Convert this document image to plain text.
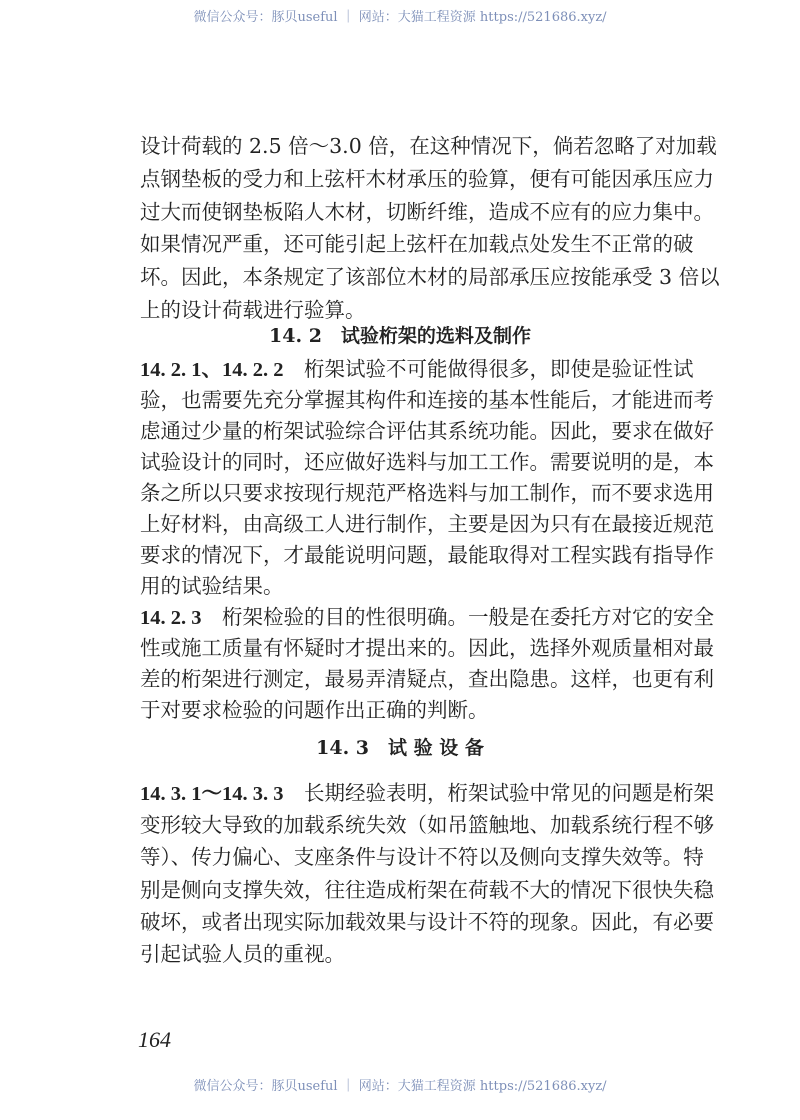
微信公众号：豚贝useful ｜ 网站：大猫工程资源 https://521686.xyz/
设计荷载的 2.5 倍～3.0 倍，在这种情况下，倘若忽略了对加载
点钢垫板的受力和上弦杆木材承压的验算，便有可能因承压应力
过大而使钢垫板陷人木材，切断纤维，造成不应有的应力集中。
如果情况严重，还可能引起上弦杆在加载点处发生不正常的破
坏。因此，本条规定了该部位木材的局部承压应按能承受 3 倍以
上的设计荷载进行验算。
14. 2　试验桁架的选料及制作
14. 2. 1、14. 2. 2　桁架试验不可能做得很多，即使是验证性试
验，也需要先充分掌握其构件和连接的基本性能后，才能进而考
虑通过少量的桁架试验综合评估其系统功能。因此，要求在做好
试验设计的同时，还应做好选料与加工工作。需要说明的是，本
条之所以只要求按现行规范严格选料与加工制作，而不要求选用
上好材料，由高级工人进行制作，主要是因为只有在最接近规范
要求的情况下，才最能说明问题，最能取得对工程实践有指导作
用的试验结果。
14. 2. 3　桁架检验的目的性很明确。一般是在委托方对它的安全
性或施工质量有怀疑时才提出来的。因此，选择外观质量相对最
差的桁架进行测定，最易弄清疑点，查出隐患。这样，也更有利
于对要求检验的问题作出正确的判断。
14. 3　试 验 设 备
14. 3. 1～14. 3. 3　长期经验表明，桁架试验中常见的问题是桁架
变形较大导致的加载系统失效（如吊篮触地、加载系统行程不够
等）、传力偏心、支座条件与设计不符以及侧向支撑失效等。特
别是侧向支撑失效，往往造成桁架在荷载不大的情况下很快失稳
破坏，或者出现实际加载效果与设计不符的现象。因此，有必要
引起试验人员的重视。
164
微信公众号：豚贝useful ｜ 网站：大猫工程资源 https://521686.xyz/
